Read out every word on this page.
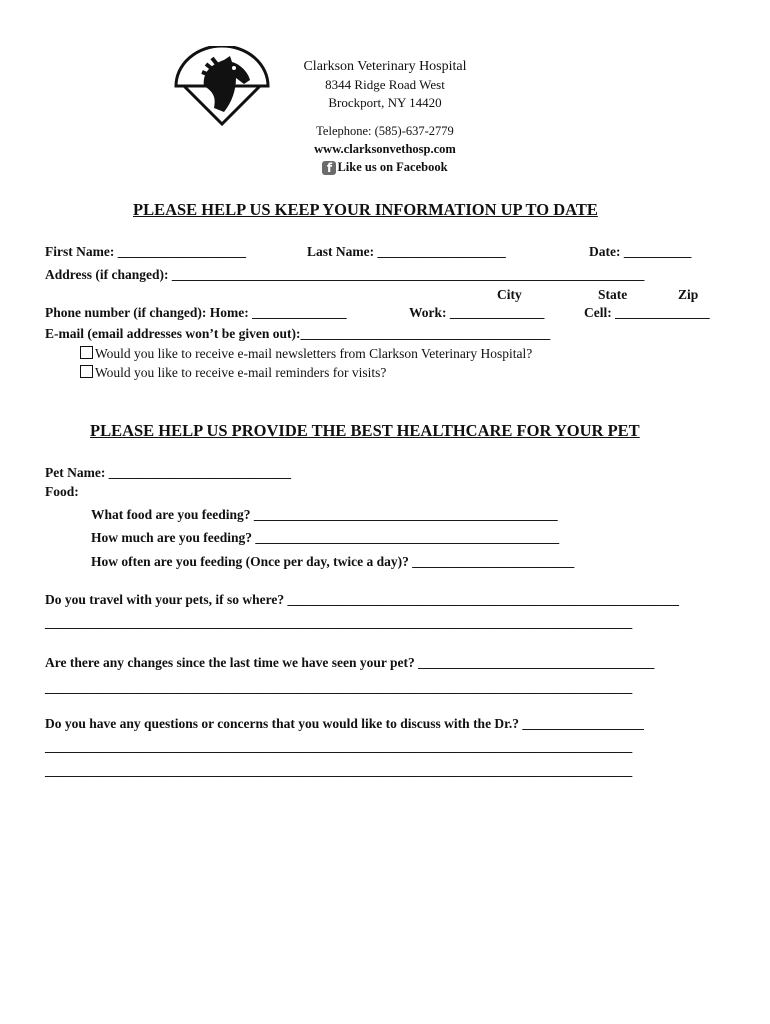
Clarkson Veterinary Hospital
8344 Ridge Road West
Brockport, NY 14420
Telephone: (585)-637-2779
www.clarksonvethosp.com
f Like us on Facebook
PLEASE HELP US KEEP YOUR INFORMATION UP TO DATE
First Name: ___________________	Last Name: ___________________	Date: __________
Address (if changed): ______________________________________________________________________
City	State	Zip
Phone number (if changed): Home: ______________	Work: ______________	Cell: ______________
E-mail (email addresses won’t be given out):_____________________________________
Would you like to receive e-mail newsletters from Clarkson Veterinary Hospital?
Would you like to receive e-mail reminders for visits?
PLEASE HELP US PROVIDE THE BEST HEALTHCARE FOR YOUR PET
Pet Name: ___________________________
Food:
What food are you feeding? _____________________________________________
How much are you feeding? _____________________________________________
How often are you feeding (Once per day, twice a day)? ________________________
Do you travel with your pets, if so where? __________________________________________________________
_______________________________________________________________________________________
Are there any changes since the last time we have seen your pet? ___________________________________
_______________________________________________________________________________________
Do you have any questions or concerns that you would like to discuss with the Dr.? __________________
_______________________________________________________________________________________
_______________________________________________________________________________________
